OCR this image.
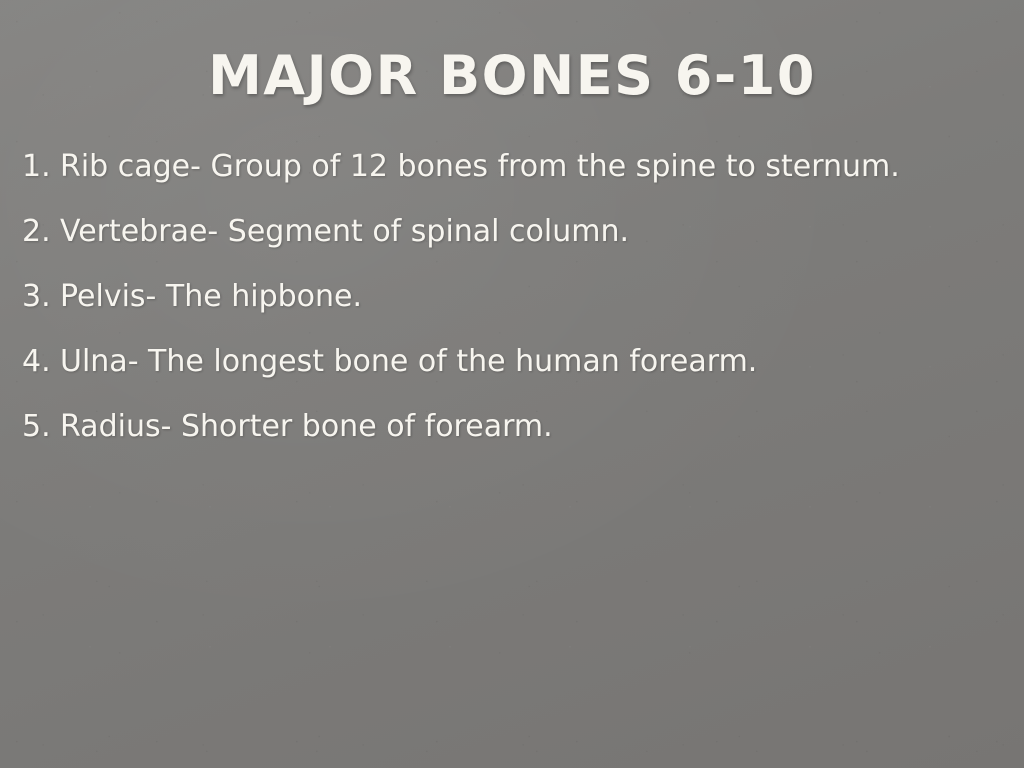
MAJOR BONES 6-10
1. Rib cage- Group of 12 bones from the spine to sternum.
2. Vertebrae- Segment of spinal column.
3. Pelvis- The hipbone.
4. Ulna- The longest bone of the human forearm.
5. Radius- Shorter bone of forearm.
